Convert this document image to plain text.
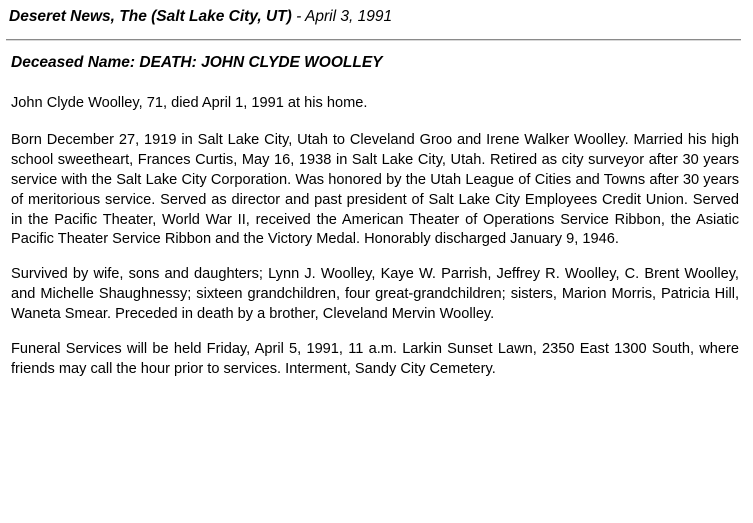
Deseret News, The (Salt Lake City, UT) - April 3, 1991
Deceased Name: DEATH: JOHN CLYDE WOOLLEY

John Clyde Woolley, 71, died April 1, 1991 at his home.

Born December 27, 1919 in Salt Lake City, Utah to Cleveland Groo and Irene Walker Woolley. Married his high school sweetheart, Frances Curtis, May 16, 1938 in Salt Lake City, Utah. Retired as city surveyor after 30 years service with the Salt Lake City Corporation. Was honored by the Utah League of Cities and Towns after 30 years of meritorious service. Served as director and past president of Salt Lake City Employees Credit Union. Served in the Pacific Theater, World War II, received the American Theater of Operations Service Ribbon, the Asiatic Pacific Theater Service Ribbon and the Victory Medal. Honorably discharged January 9, 1946.

Survived by wife, sons and daughters; Lynn J. Woolley, Kaye W. Parrish, Jeffrey R. Woolley, C. Brent Woolley, and Michelle Shaughnessy; sixteen grandchildren, four great-grandchildren; sisters, Marion Morris, Patricia Hill, Waneta Smear. Preceded in death by a brother, Cleveland Mervin Woolley.

Funeral Services will be held Friday, April 5, 1991, 11 a.m. Larkin Sunset Lawn, 2350 East 1300 South, where friends may call the hour prior to services. Interment, Sandy City Cemetery.
